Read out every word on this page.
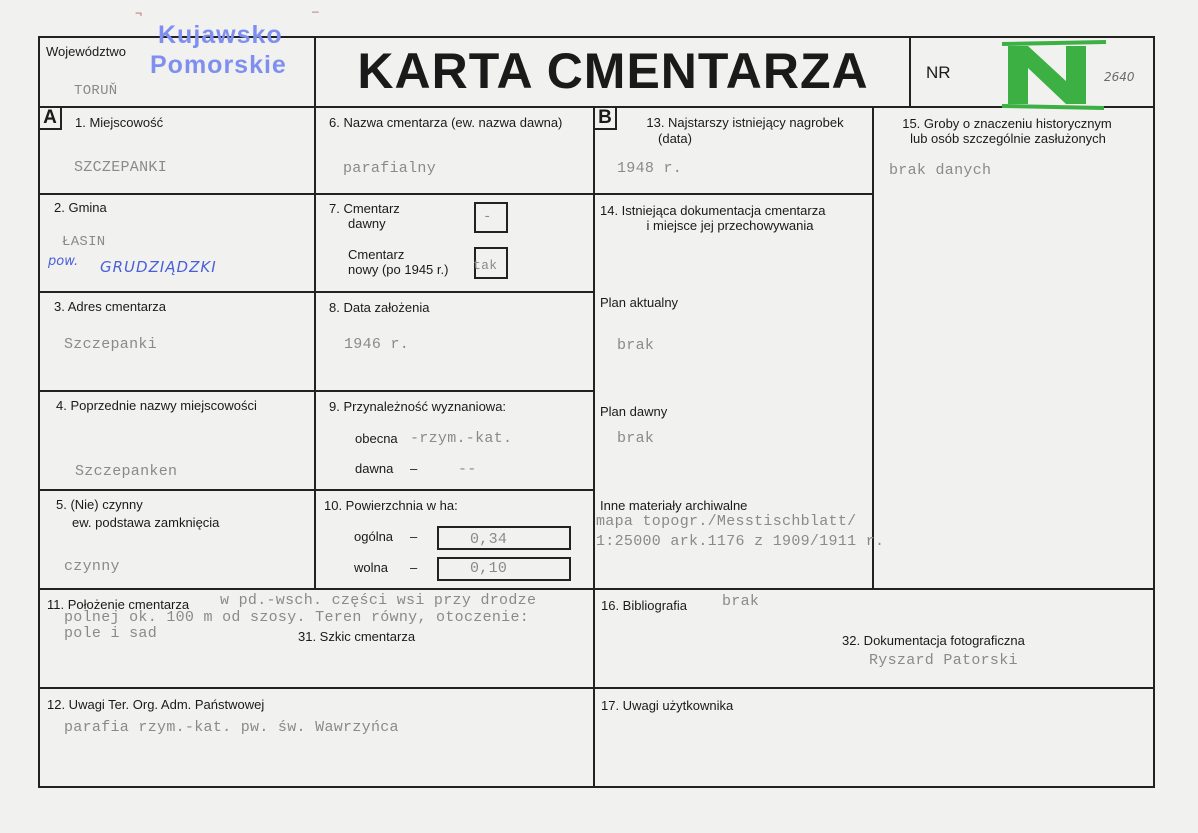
¬	–
Województwo
Kujawsko
Pomorskie
TORUŇ	KARTA CMENTARZA	NR	2640
A	B
1. Miejscowość
SZCZEPANKI
6. Nazwa cmentarza (ew. nazwa dawna)
parafialny
13. Najstarszy istniejący nagrobek
(data)
1948 r.
15. Groby o znaczeniu historycznym
lub osób szczególnie zasłużonych
brak danych
2. Gmina
ŁASIN
pow. GRUDZIĄDZKI
7. Cmentarz
dawny	-
Cmentarz
nowy (po 1945 r.) tak
14. Istniejąca dokumentacja cmentarza
i miejsce jej przechowywania
Plan aktualny
brak
Plan dawny
brak
Inne materiały archiwalne
mapa topogr./Messtischblatt/
1:25000 ark.1176 z 1909/1911 r.
3. Adres cmentarza
Szczepanki
8. Data założenia
1946 r.
4. Poprzednie nazwy miejscowości
Szczepanken
9. Przynależność wyznaniowa:
obecna -rzym.-kat.
dawna –	--
5. (Nie) czynny
ew. podstawa zamknięcia
czynny
10. Powierzchnia w ha:
ogólna –	0,34
wolna –	0,10
11. Położenie cmentarza w pd.-wsch. części wsi przy drodze
polnej ok. 100 m od szosy. Teren równy, otoczenie:
pole i sad	31. Szkic cmentarza
16. Bibliografia brak
32. Dokumentacja fotograficzna
Ryszard Patorski
12. Uwagi Ter. Org. Adm. Państwowej
parafia rzym.-kat. pw. św. Wawrzyńca
17. Uwagi użytkownika
